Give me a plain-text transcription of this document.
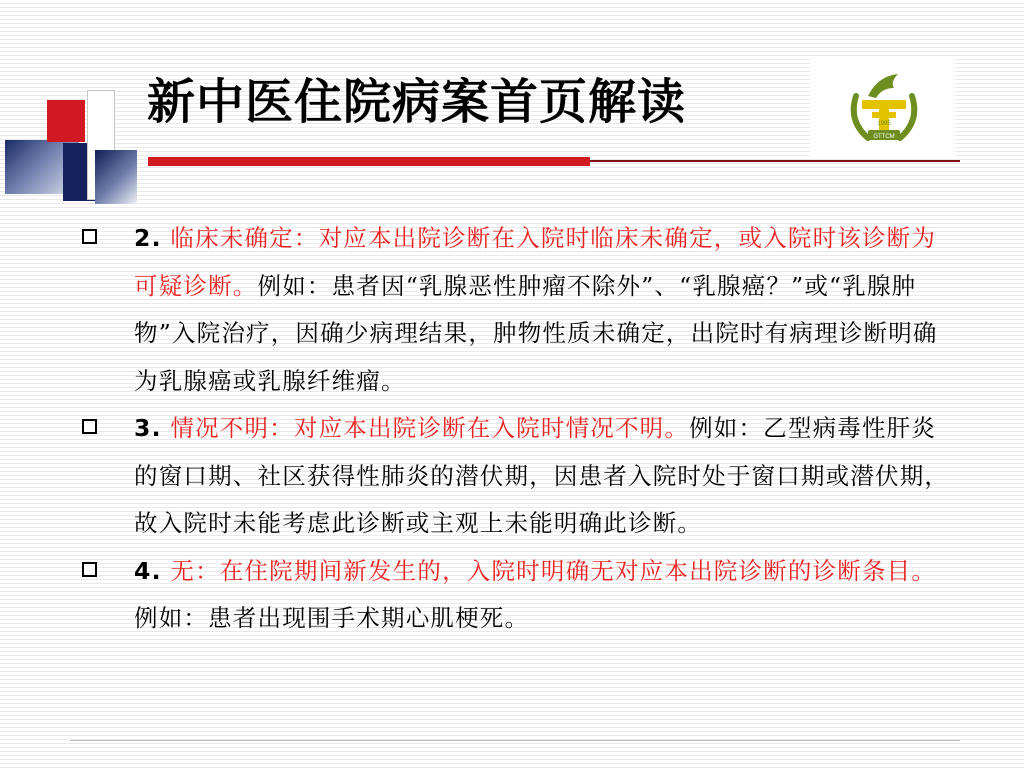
新中医住院病案首页解读	1995
GTTCM
2. 临床未确定：对应本出院诊断在入院时临床未确定，或入院时该诊断为可疑诊断。例如：患者因“乳腺恶性肿瘤不除外”、“乳腺癌？”或“乳腺肿物”入院治疗，因确少病理结果，肿物性质未确定，出院时有病理诊断明确为乳腺癌或乳腺纤维瘤。
3. 情况不明：对应本出院诊断在入院时情况不明。例如：乙型病毒性肝炎的窗口期、社区获得性肺炎的潜伏期，因患者入院时处于窗口期或潜伏期，故入院时未能考虑此诊断或主观上未能明确此诊断。
4. 无：在住院期间新发生的，入院时明确无对应本出院诊断的诊断条目。例如：患者出现围手术期心肌梗死。
